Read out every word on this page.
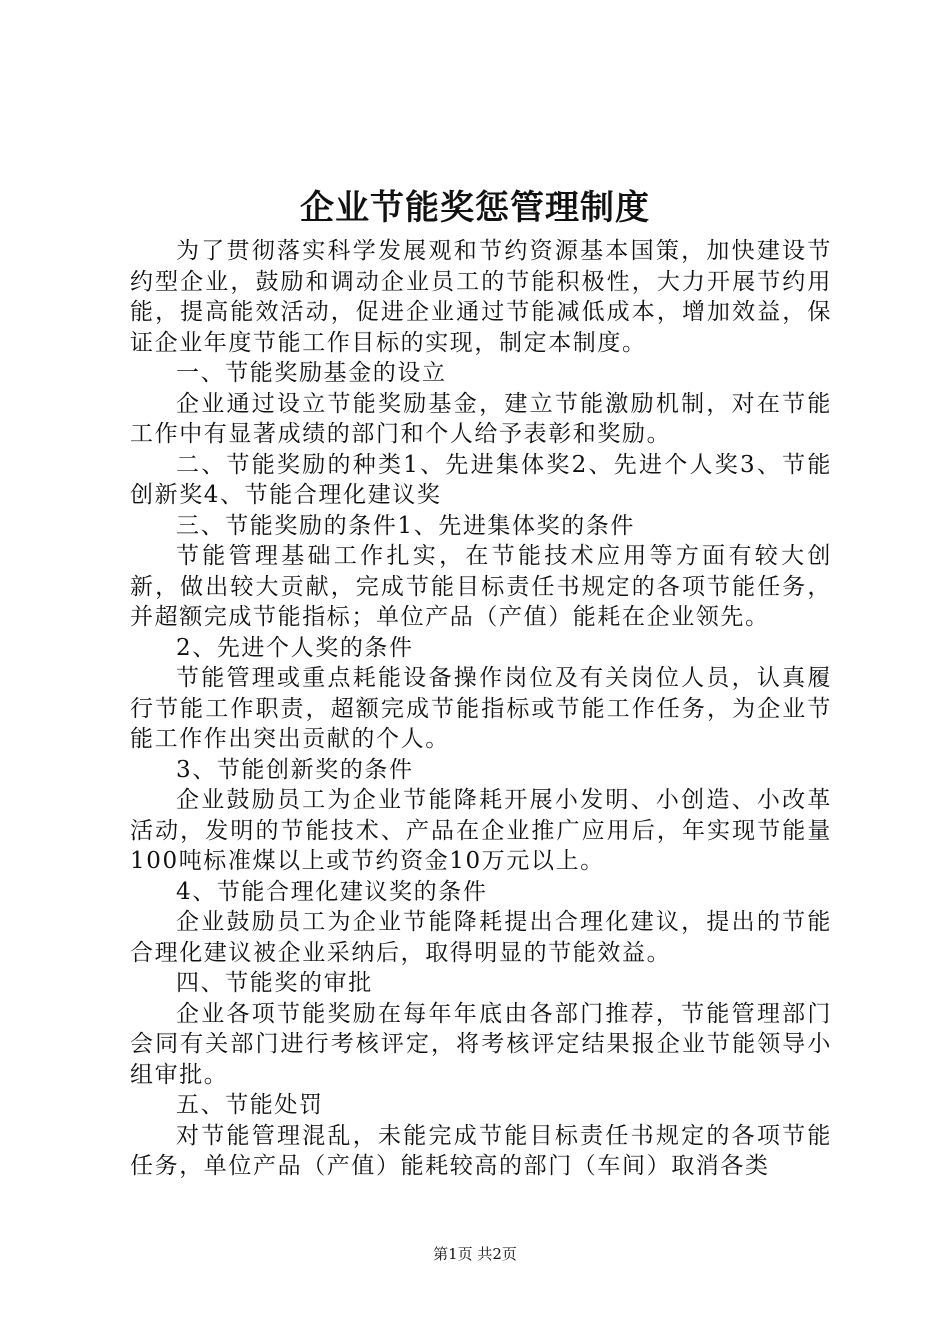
企业节能奖惩管理制度

为了贯彻落实科学发展观和节约资源基本国策，加快建设节约型企业，鼓励和调动企业员工的节能积极性，大力开展节约用能，提高能效活动，促进企业通过节能减低成本，增加效益，保证企业年度节能工作目标的实现，制定本制度。

一、节能奖励基金的设立

企业通过设立节能奖励基金，建立节能激励机制，对在节能工作中有显著成绩的部门和个人给予表彰和奖励。

二、节能奖励的种类1、先进集体奖2、先进个人奖3、节能创新奖4、节能合理化建议奖

三、节能奖励的条件1、先进集体奖的条件

节能管理基础工作扎实，在节能技术应用等方面有较大创新，做出较大贡献，完成节能目标责任书规定的各项节能任务，并超额完成节能指标；单位产品（产值）能耗在企业领先。

2、先进个人奖的条件

节能管理或重点耗能设备操作岗位及有关岗位人员，认真履行节能工作职责，超额完成节能指标或节能工作任务，为企业节能工作作出突出贡献的个人。

3、节能创新奖的条件

企业鼓励员工为企业节能降耗开展小发明、小创造、小改革活动，发明的节能技术、产品在企业推广应用后，年实现节能量100吨标准煤以上或节约资金10万元以上。

4、节能合理化建议奖的条件

企业鼓励员工为企业节能降耗提出合理化建议，提出的节能合理化建议被企业采纳后，取得明显的节能效益。

四、节能奖的审批

企业各项节能奖励在每年年底由各部门推荐，节能管理部门会同有关部门进行考核评定，将考核评定结果报企业节能领导小组审批。

五、节能处罚

对节能管理混乱，未能完成节能目标责任书规定的各项节能任务，单位产品（产值）能耗较高的部门（车间）取消各类

第1页 共2页
